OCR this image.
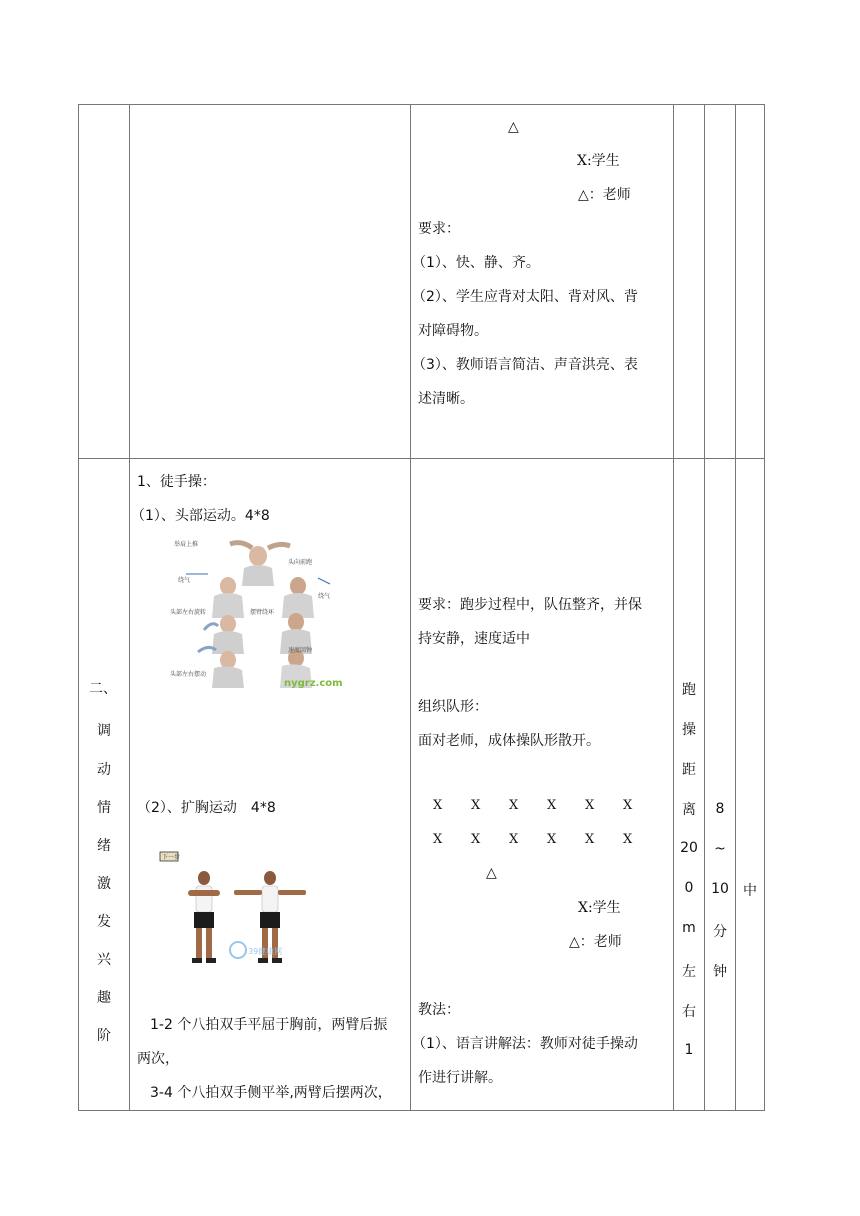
△
X:学生
△：老师
要求：
（1）、快、静、齐。
（2）、学生应背对太阳、背对风、背
对障碍物。
（3）、教师语言简洁、声音洪亮、表
述清晰。
二、
调
动
情
绪
激
发
兴
趣
阶
1、徒手操：
（1）、头部运动。4*8
举肩上推
头向前跑
绕气
头部左右旋转	摆臂绕环
绕气
速度回钟
头部左右摆动
nygrz.com
（2）、扩胸运动　4*8
下一步
39健康网
1-2 个八拍双手平屈于胸前，两臂后振
两次，
3-4 个八拍双手侧平举,两臂后摆两次，
要求：跑步过程中，队伍整齐，并保
持安静，速度适中
组织队形：
面对老师，成体操队形散开。
X X X X X X
X X X X X X
△
X:学生
△：老师
教法：
（1）、语言讲解法：教师对徒手操动
作进行讲解。
跑
操
距
离
20
0
m
左
右
1
8
~
10
分
钟
中
